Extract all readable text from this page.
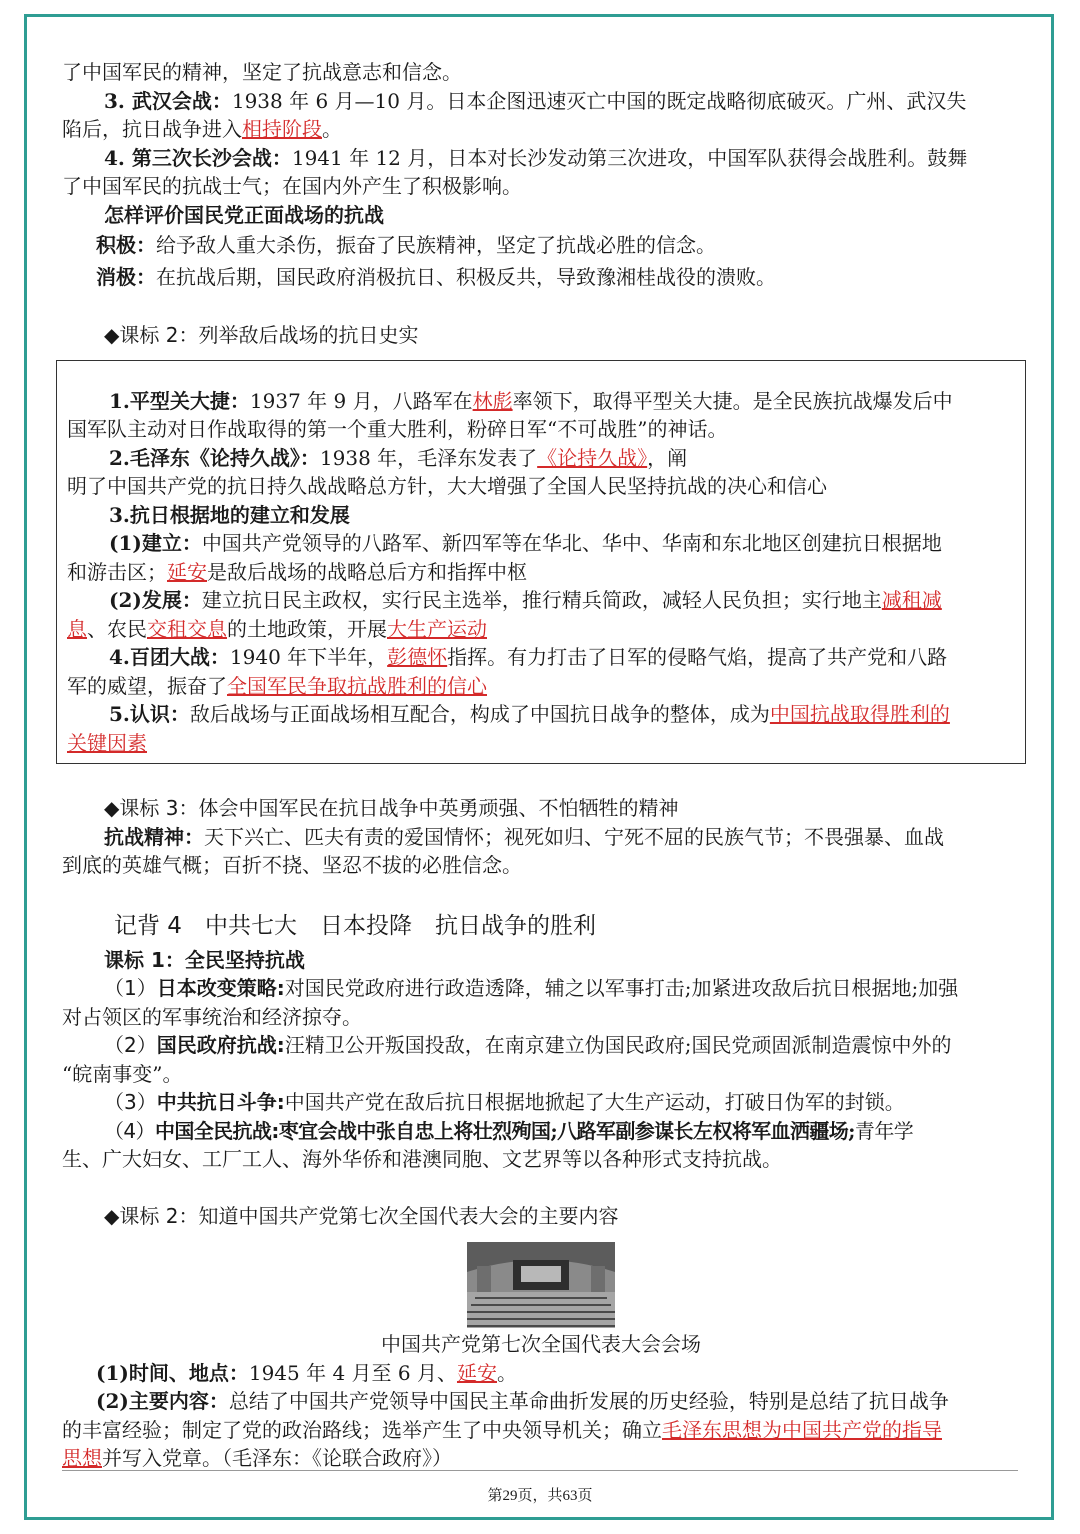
了中国军民的精神，坚定了抗战意志和信念。

3. 武汉会战：1938 年 6 月—10 月。日本企图迅速灭亡中国的既定战略彻底破灭。广州、武汉失

陷后，抗日战争进入相持阶段。

4. 第三次长沙会战：1941 年 12 月，日本对长沙发动第三次进攻，中国军队获得会战胜利。鼓舞

了中国军民的抗战士气；在国内外产生了积极影响。

怎样评价国民党正面战场的抗战

积极：给予敌人重大杀伤，振奋了民族精神，坚定了抗战必胜的信念。

消极：在抗战后期，国民政府消极抗日、积极反共，导致豫湘桂战役的溃败。

◆课标 2：列举敌后战场的抗日史实

1.平型关大捷：1937 年 9 月，八路军在林彪率领下，取得平型关大捷。是全民族抗战爆发后中

国军队主动对日作战取得的第一个重大胜利，粉碎日军“不可战胜”的神话。

2.毛泽东《论持久战》：1938 年，毛泽东发表了《论持久战》，阐

明了中国共产党的抗日持久战战略总方针，大大增强了全国人民坚持抗战的决心和信心

3.抗日根据地的建立和发展

(1)建立：中国共产党领导的八路军、新四军等在华北、华中、华南和东北地区创建抗日根据地

和游击区；延安是敌后战场的战略总后方和指挥中枢

(2)发展：建立抗日民主政权，实行民主选举，推行精兵简政，减轻人民负担；实行地主减租减

息、农民交租交息的土地政策，开展大生产运动

4.百团大战：1940 年下半年，彭德怀指挥。有力打击了日军的侵略气焰，提高了共产党和八路

军的威望，振奋了全国军民争取抗战胜利的信心

5.认识：敌后战场与正面战场相互配合，构成了中国抗日战争的整体，成为中国抗战取得胜利的

关键因素

◆课标 3：体会中国军民在抗日战争中英勇顽强、不怕牺牲的精神

抗战精神：天下兴亡、匹夫有责的爱国情怀；视死如归、宁死不屈的民族气节；不畏强暴、血战

到底的英雄气概；百折不挠、坚忍不拔的必胜信念。

记背 4　中共七大　日本投降　抗日战争的胜利

课标 1：全民坚持抗战

（1）日本改变策略:对国民党政府进行政造透降，辅之以军事打击;加紧进攻敌后抗日根据地;加强

对占领区的军事统治和经济掠夺。

（2）国民政府抗战:汪精卫公开叛国投敌，在南京建立伪国民政府;国民党顽固派制造震惊中外的

“皖南事变”。

（3）中共抗日斗争:中国共产党在敌后抗日根据地掀起了大生产运动，打破日伪军的封锁。

（4）中国全民抗战:枣宜会战中张自忠上将壮烈殉国;八路军副参谋长左权将军血洒疆场;青年学

生、广大妇女、工厂工人、海外华侨和港澳同胞、文艺界等以各种形式支持抗战。

◆课标 2：知道中国共产党第七次全国代表大会的主要内容

中国共产党第七次全国代表大会会场

(1)时间、地点：1945 年 4 月至 6 月、延安。

(2)主要内容：总结了中国共产党领导中国民主革命曲折发展的历史经验，特别是总结了抗日战争

的丰富经验；制定了党的政治路线；选举产生了中央领导机关；确立毛泽东思想为中国共产党的指导

思想并写入党章。（毛泽东：《论联合政府》）

第29页，共63页
